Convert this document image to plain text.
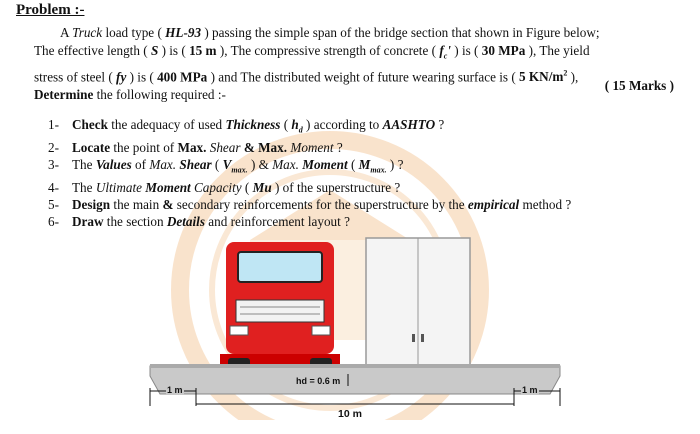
Problem :-

A Truck load type ( HL-93 ) passing the simple span of the bridge section that shown in Figure below;

The effective length ( S ) is ( 15 m ), The compressive strength of concrete ( $f_c'$ ) is ( 30 MPa ), The yield

stress of steel ( fy ) is ( 400 MPa ) and The distributed weight of future wearing surface is ( 5 $KN/m^2$ ),

Determine the following required :-

( 15 Marks )
1- Check the adequacy of used Thickness ( $h_d$ ) according to AASHTO ?
2- Locate the point of Max. Shear & Max. Moment ?
3- The Values of Max. Shear ( $V_{max.}$ ) & Max. Moment ( $M_{max.}$ ) ?
4- The Ultimate Moment Capacity ( Mu ) of the superstructure ?
5- Design the main & secondary reinforcements for the superstructure by the empirical method ?
6- Draw the section Details and reinforcement layout ?
1 m	1 m
hd = 0.6 m
10 m
